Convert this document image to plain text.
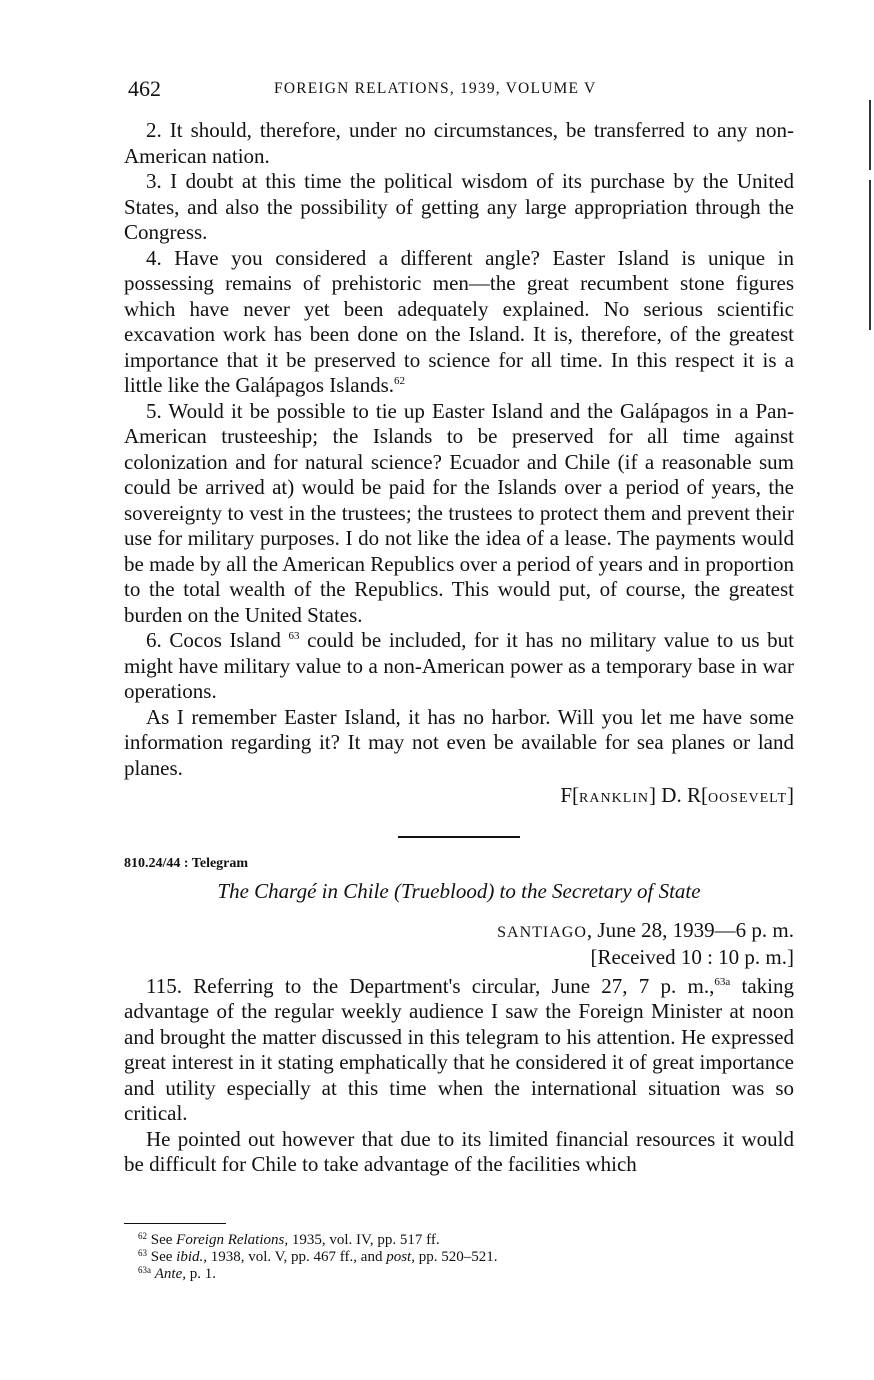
462	FOREIGN RELATIONS, 1939, VOLUME V

2. It should, therefore, under no circumstances, be transferred to any non-American nation.

3. I doubt at this time the political wisdom of its purchase by the United States, and also the possibility of getting any large appropriation through the Congress.

4. Have you considered a different angle? Easter Island is unique in possessing remains of prehistoric men—the great recumbent stone figures which have never yet been adequately explained. No serious scientific excavation work has been done on the Island. It is, therefore, of the greatest importance that it be preserved to science for all time. In this respect it is a little like the Galápagos Islands.$^{62}$

5. Would it be possible to tie up Easter Island and the Galápagos in a Pan-American trusteeship; the Islands to be preserved for all time against colonization and for natural science? Ecuador and Chile (if a reasonable sum could be arrived at) would be paid for the Islands over a period of years, the sovereignty to vest in the trustees; the trustees to protect them and prevent their use for military purposes. I do not like the idea of a lease. The payments would be made by all the American Republics over a period of years and in proportion to the total wealth of the Republics. This would put, of course, the greatest burden on the United States.

6. Cocos Island $^{63}$ could be included, for it has no military value to us but might have military value to a non-American power as a temporary base in war operations.

As I remember Easter Island, it has no harbor. Will you let me have some information regarding it? It may not even be available for sea planes or land planes.

F[RANKLIN] D. R[OOSEVELT]
810.24/44 : Telegram
The Chargé in Chile (Trueblood) to the Secretary of State
SANTIAGO, June 28, 1939—6 p. m.
[Received 10 : 10 p. m.]

115. Referring to the Department's circular, June 27, 7 p. m.,$^{63a}$ taking advantage of the regular weekly audience I saw the Foreign Minister at noon and brought the matter discussed in this telegram to his attention. He expressed great interest in it stating emphatically that he considered it of great importance and utility especially at this time when the international situation was so critical.

He pointed out however that due to its limited financial resources it would be difficult for Chile to take advantage of the facilities which

$^{62}$ See Foreign Relations, 1935, vol. IV, pp. 517 ff.
$^{63}$ See ibid., 1938, vol. V, pp. 467 ff., and post, pp. 520–521.
$^{63a}$ Ante, p. 1.
